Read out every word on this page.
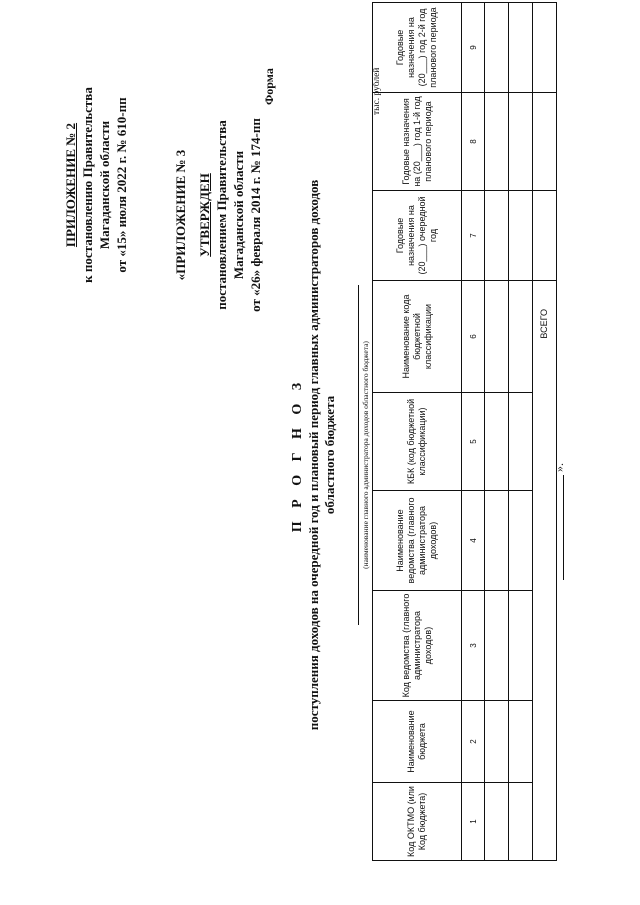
ПРИЛОЖЕНИЕ № 2 к постановлению Правительства Магаданской области от «15» июля 2022 г. № 610-пп	«ПРИЛОЖЕНИЕ № 3 УТВЕРЖДЕН постановлением Правительства Магаданской области от «26» февраля 2014 г. № 174-пп
Форма
П Р О Г Н О З поступления доходов на очередной год и плановый период главных администраторов доходов областного бюджета	(наименование главного администратора доходов областного бюджета)
тыс. рублей
Код ОКТМО (или Код бюджета)	Наименование бюджета	Код ведомства (главного администратора доходов)	Наименование ведомства (главного администратора доходов)	КБК (код бюджетной классификации)	Наименование кода бюджетной классификации	Годовые назначения на (20___) очередной год	Годовые назначения на (20___) год 1-й год планового периода	Годовые назначения на (20___) год 2-й год планового периода
1	2	3	4	5	6	7	8	9

ВСЕГО								
».
